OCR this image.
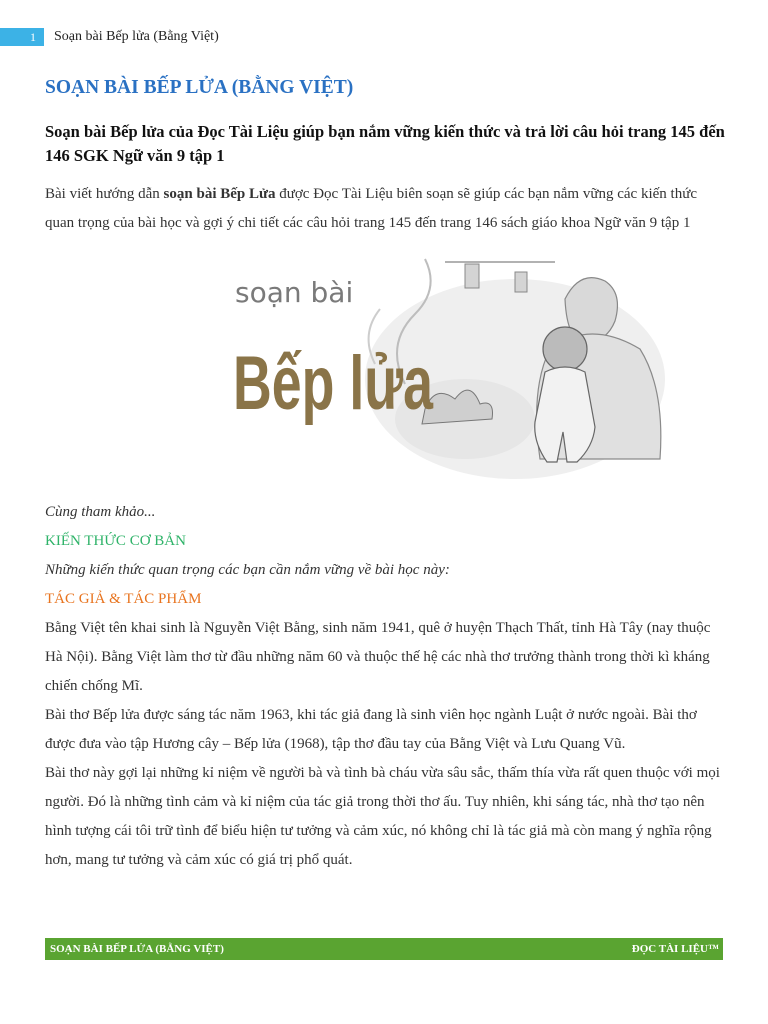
1 Soạn bài Bếp lửa (Bằng Việt)
SOẠN BÀI BẾP LỬA (BẰNG VIỆT)

Soạn bài Bếp lửa của Đọc Tài Liệu giúp bạn nắm vững kiến thức và trả lời câu hỏi trang 145 đến 146 SGK Ngữ văn 9 tập 1

Bài viết hướng dẫn soạn bài Bếp Lửa được Đọc Tài Liệu biên soạn sẽ giúp các bạn nắm vững các kiến thức quan trọng của bài học và gợi ý chi tiết các câu hỏi trang 145 đến trang 146 sách giáo khoa Ngữ văn 9 tập 1

soạn bài
Bếp lửa

Cùng tham khảo...

KIẾN THỨC CƠ BẢN

Những kiến thức quan trọng các bạn cần nắm vững về bài học này:

TÁC GIẢ & TÁC PHẨM

Bằng Việt tên khai sinh là Nguyễn Việt Bằng, sinh năm 1941, quê ở huyện Thạch Thất, tỉnh Hà Tây (nay thuộc Hà Nội). Bằng Việt làm thơ từ đầu những năm 60 và thuộc thế hệ các nhà thơ trưởng thành trong thời kì kháng chiến chống Mĩ.

Bài thơ Bếp lửa được sáng tác năm 1963, khi tác giả đang là sinh viên học ngành Luật ở nước ngoài. Bài thơ được đưa vào tập Hương cây – Bếp lửa (1968), tập thơ đầu tay của Bằng Việt và Lưu Quang Vũ.

Bài thơ này gợi lại những kỉ niệm về người bà và tình bà cháu vừa sâu sắc, thấm thía vừa rất quen thuộc với mọi người. Đó là những tình cảm và kỉ niệm của tác giả trong thời thơ ấu. Tuy nhiên, khi sáng tác, nhà thơ tạo nên hình tượng cái tôi trữ tình để biểu hiện tư tưởng và cảm xúc, nó không chỉ là tác giả mà còn mang ý nghĩa rộng hơn, mang tư tưởng và cảm xúc có giá trị phổ quát.

SOẠN BÀI BẾP LỬA (BẰNG VIỆT)	ĐỌC TÀI LIỆU™
